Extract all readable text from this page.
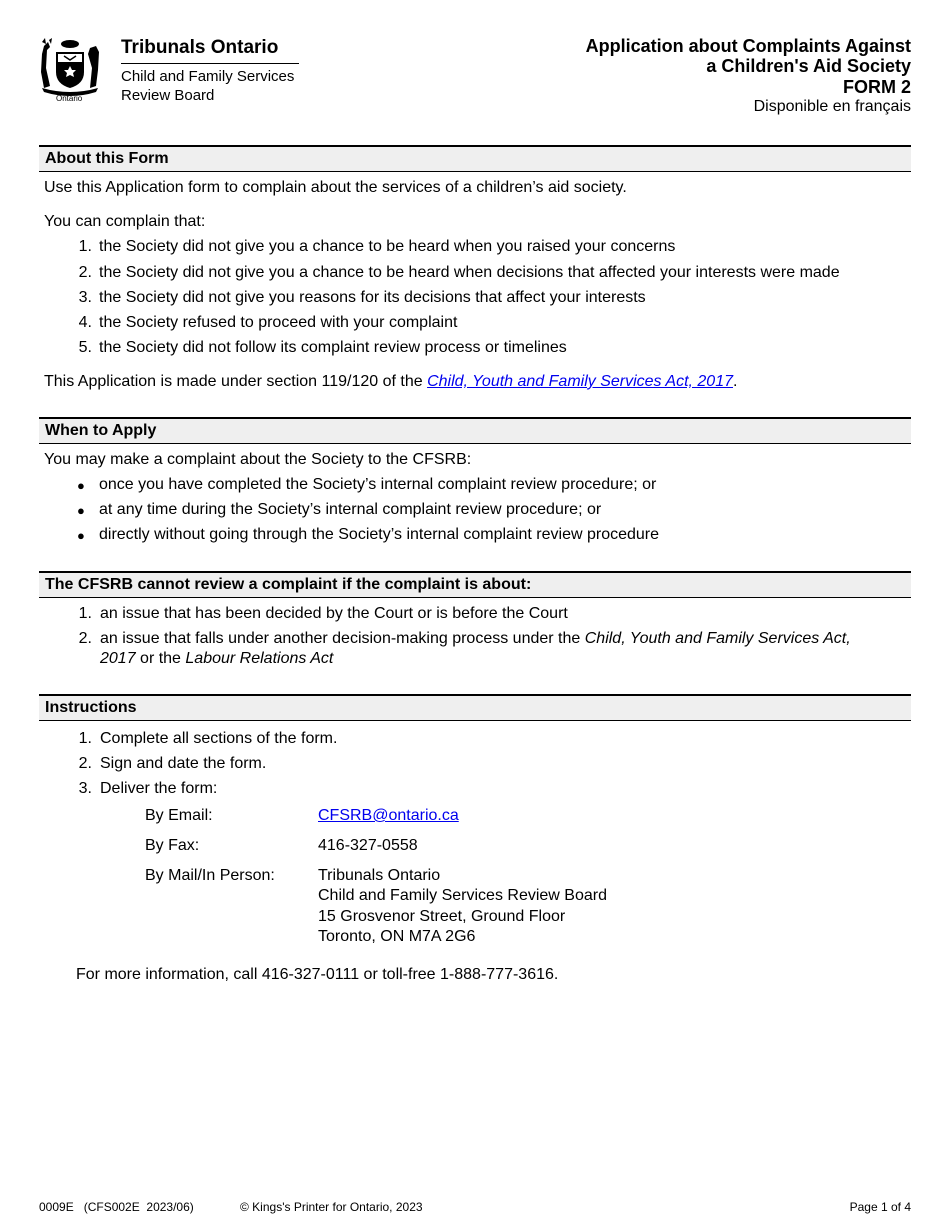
Ontario
Tribunals Ontario
Child and Family Services
Review Board
Application about Complaints Against
a Children's Aid Society
FORM 2
Disponible en français
About this Form
Use this Application form to complain about the services of a children’s aid society.
You can complain that:
1. the Society did not give you a chance to be heard when you raised your concerns
2. the Society did not give you a chance to be heard when decisions that affected your interests were made
3. the Society did not give you reasons for its decisions that affect your interests
4. the Society refused to proceed with your complaint
5. the Society did not follow its complaint review process or timelines
This Application is made under section 119/120 of the Child, Youth and Family Services Act, 2017.
When to Apply
You may make a complaint about the Society to the CFSRB:
● once you have completed the Society’s internal complaint review procedure; or
● at any time during the Society’s internal complaint review procedure; or
● directly without going through the Society’s internal complaint review procedure
The CFSRB cannot review a complaint if the complaint is about:
1. an issue that has been decided by the Court or is before the Court
2. an issue that falls under another decision-making process under the Child, Youth and Family Services Act,
2017 or the Labour Relations Act
Instructions
1. Complete all sections of the form.
2. Sign and date the form.
3. Deliver the form:
By Email:	CFSRB@ontario.ca
By Fax:	416-327-0558
By Mail/In Person:	Tribunals Ontario
Child and Family Services Review Board
15 Grosvenor Street, Ground Floor
Toronto, ON M7A 2G6
For more information, call 416-327-0111 or toll-free 1-888-777-3616.
0009E   (CFS002E  2023/06)	© Kings's Printer for Ontario, 2023	Page 1 of 4
